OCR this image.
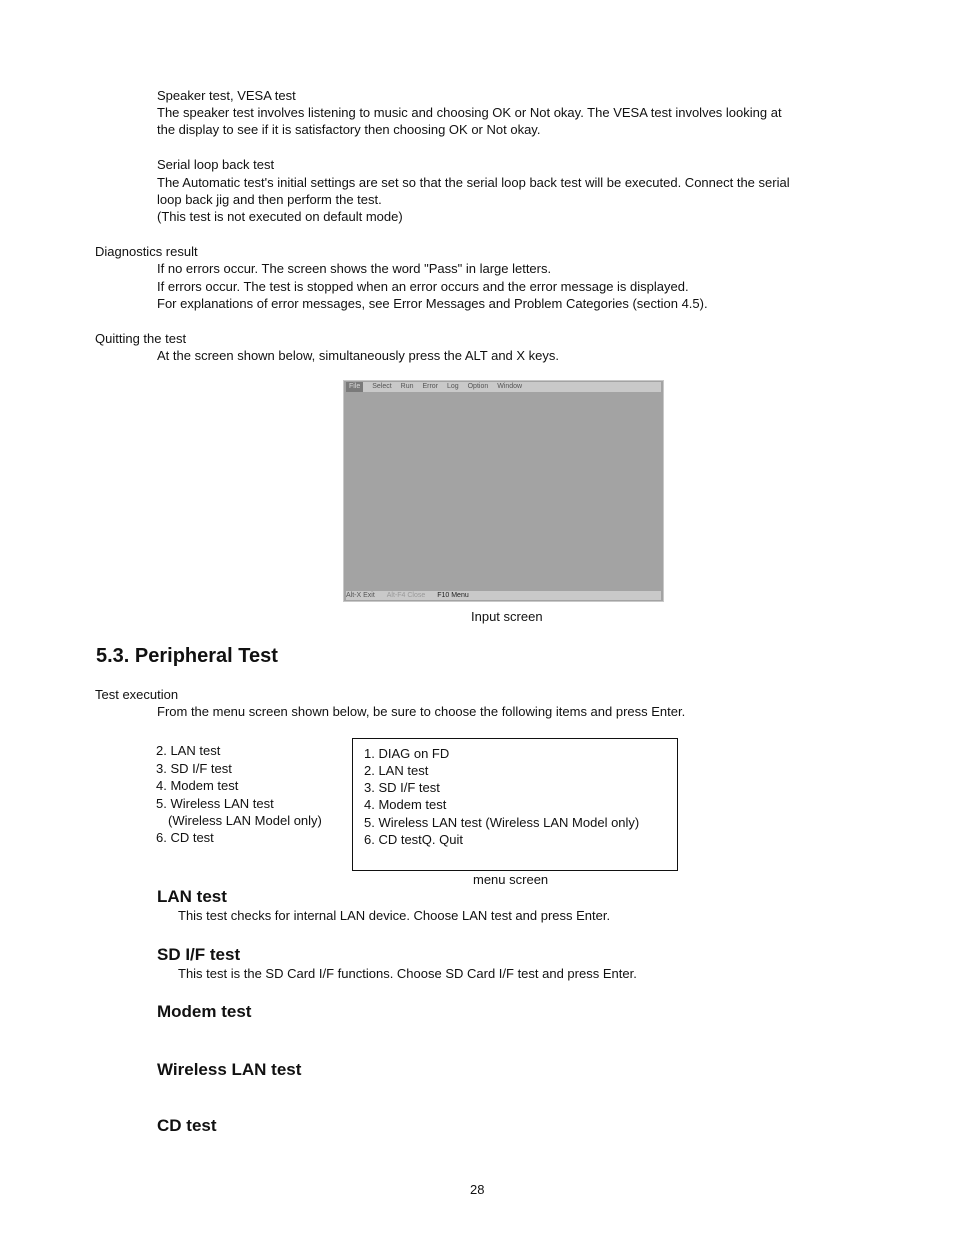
Speaker test, VESA test
The speaker test involves listening to music and choosing OK or Not okay. The VESA test involves looking at
the display to see if it is satisfactory then choosing OK or Not okay.
Serial loop back test
The Automatic test's initial settings are set so that the serial loop back test will be executed. Connect the serial
loop back jig and then perform the test.
(This test is not executed on default mode)
Diagnostics result
If no errors occur. The screen shows the word "Pass" in large letters.
If errors occur. The test is stopped when an error occurs and the error message is displayed.
For explanations of error messages, see Error Messages and Problem Categories (section 4.5).
Quitting the test
At the screen shown below, simultaneously press the ALT and X keys.
File Select Run Error Log Option Window
Alt-X Exit Alt-F4 Close F10 Menu
Input screen
5.3. Peripheral Test
Test execution
From the menu screen shown below, be sure to choose the following items and press Enter.
2. LAN test
3. SD I/F test
4. Modem test
5. Wireless LAN test
(Wireless LAN Model only)
6. CD test
1. DIAG on FD
2. LAN test
3. SD I/F test
4. Modem test
5. Wireless LAN test (Wireless LAN Model only)
6. CD testQ. Quit
menu screen
LAN test
This test checks for internal LAN device. Choose LAN test and press Enter.
SD I/F test
This test is the SD Card I/F functions. Choose SD Card I/F test and press Enter.
Modem test
Wireless LAN test
CD test
28
